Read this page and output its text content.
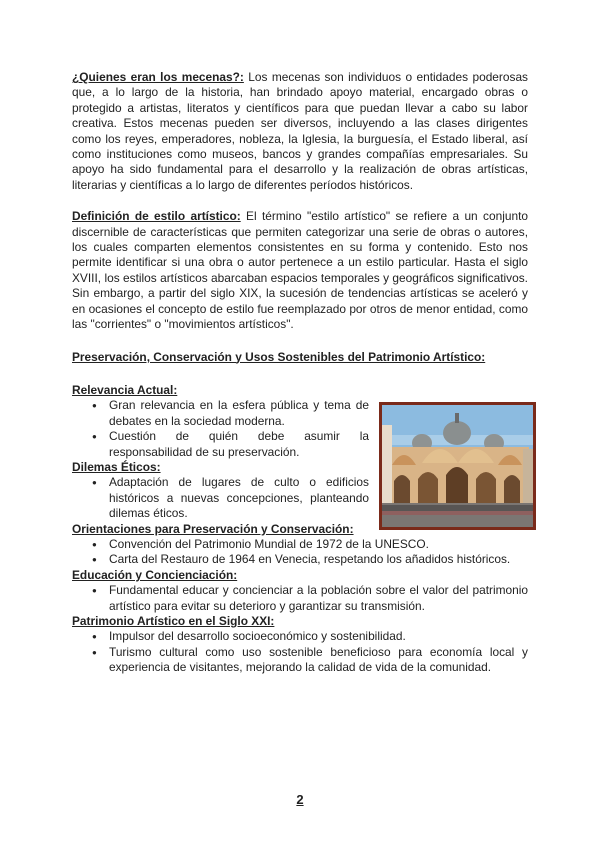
¿Quienes eran los mecenas?: Los mecenas son individuos o entidades poderosas que, a lo largo de la historia, han brindado apoyo material, encargado obras o protegido a artistas, literatos y científicos para que puedan llevar a cabo su labor creativa. Estos mecenas pueden ser diversos, incluyendo a las clases dirigentes como los reyes, emperadores, nobleza, la Iglesia, la burguesía, el Estado liberal, así como instituciones como museos, bancos y grandes compañías empresariales. Su apoyo ha sido fundamental para el desarrollo y la realización de obras artísticas, literarias y científicas a lo largo de diferentes períodos históricos.

Definición de estilo artístico: El término "estilo artístico" se refiere a un conjunto discernible de características que permiten categorizar una serie de obras o autores, los cuales comparten elementos consistentes en su forma y contenido. Esto nos permite identificar si una obra o autor pertenece a un estilo particular. Hasta el siglo XVIII, los estilos artísticos abarcaban espacios temporales y geográficos significativos. Sin embargo, a partir del siglo XIX, la sucesión de tendencias artísticas se aceleró y en ocasiones el concepto de estilo fue reemplazado por otros de menor entidad, como las "corrientes" o "movimientos artísticos".

Preservación, Conservación y Usos Sostenibles del Patrimonio Artístico:
Relevancia Actual:
● Gran relevancia en la esfera pública y tema de debates en la sociedad moderna.
● Cuestión de quién debe asumir la responsabilidad de su preservación.
Dilemas Éticos:
● Adaptación de lugares de culto o edificios históricos a nuevas concepciones, planteando dilemas éticos.
Orientaciones para Preservación y Conservación:
● Convención del Patrimonio Mundial de 1972 de la UNESCO.
● Carta del Restauro de 1964 en Venecia, respetando los añadidos históricos.
Educación y Concienciación:
● Fundamental educar y concienciar a la población sobre el valor del patrimonio artístico para evitar su deterioro y garantizar su transmisión.
Patrimonio Artístico en el Siglo XXI:
● Impulsor del desarrollo socioeconómico y sostenibilidad.
● Turismo cultural como uso sostenible beneficioso para economía local y experiencia de visitantes, mejorando la calidad de vida de la comunidad.
2
